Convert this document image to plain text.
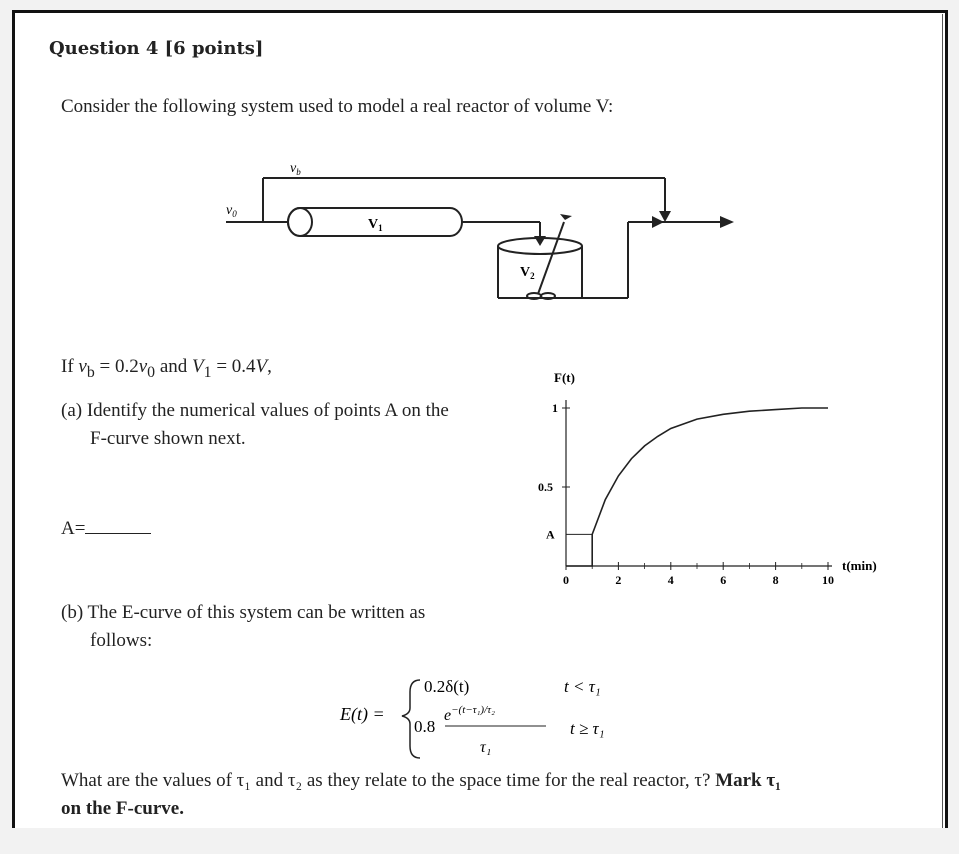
Question 4 [6 points]
Consider the following system used to model a real reactor of volume V:
$v_b$
$v_0$
$V_1$
$V_2$
If $v_b = 0.2v_0$ and $V_1 = 0.4V$,
(a) Identify the numerical values of points A on the
F-curve shown next.
A=
(b) The E-curve of this system can be written as
follows:
F(t)
t(min)
0	2	4	6	8	10
1
0.5
A
E(t) =
0.2δ(t)
0.8
$e^{-(t-\tau_1)/\tau_2}$
τ₁
t < τ₁
t ≥ τ₁
What are the values of τ₁ and τ₂ as they relate to the space time for the real reactor, τ? Mark τ₁
on the F-curve.
